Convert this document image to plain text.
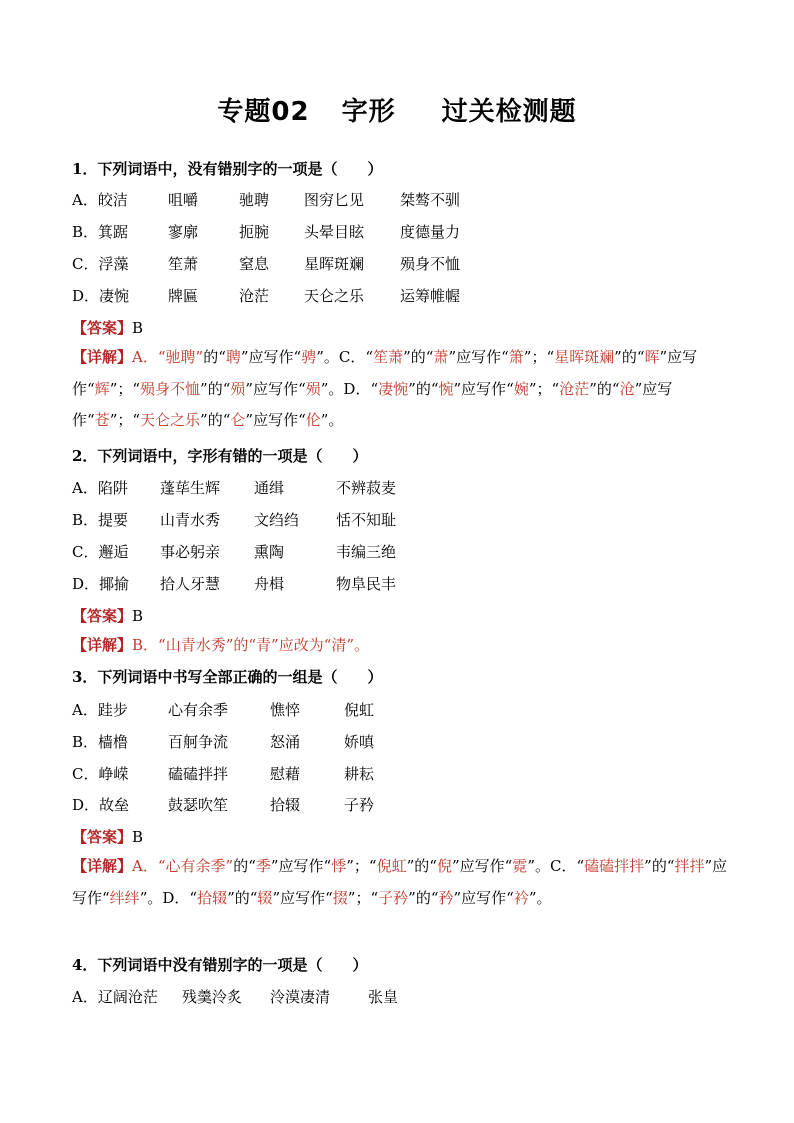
专题02 字形 过关检测题
1．下列词语中，没有错别字的一项是（　　）
A．皎洁	咀嚼	驰聘 图穷匕见 桀骜不驯
B．箕踞	寥廓	扼腕 头晕目眩 度德量力
C．浮藻	笙萧	窒息 星晖斑斓 殒身不恤
D．凄惋	牌匾	沧茫 天仑之乐 运筹帷幄
【答案】B
【详解】A．“驰聘”的“聘”应写作“骋”。C．“笙萧”的“萧”应写作“箫”；“星晖斑斓”的“晖”应写作“辉”；“殒身不恤”的“殒”应写作“殒”。D．“凄惋”的“惋”应写作“婉”；“沧茫”的“沧”应写作“苍”；“天仑之乐”的“仑”应写作“伦”。
2．下列词语中，字形有错的一项是（　　）
A．陷阱 蓬荜生辉 通缉	不辨菽麦
B．提要 山青水秀 文绉绉 恬不知耻
C．邂逅 事必躬亲 熏陶	韦编三绝
D．揶揄 拾人牙慧 舟楫	物阜民丰
【答案】B
【详解】B．“山青水秀”的“青”应改为“清”。
3．下列词语中书写全部正确的一组是（　　）
A．跬步	心有余季	憔悴	倪虹
B．樯橹	百舸争流	怒涌	娇嗔
C．峥嵘	磕磕拌拌	慰藉	耕耘
D．故垒	鼓瑟吹笙	拾辍	子矜
【答案】B
【详解】A．“心有余季”的“季”应写作“悸”；“倪虹”的“倪”应写作“霓”。C．“磕磕拌拌”的“拌拌”应写作“绊绊”。D．“拾辍”的“辍”应写作“掇”；“子矜”的“矜”应写作“衿”。
4．下列词语中没有错别字的一项是（　　）
A．辽阔沧茫 残羹泠炙 泠漠凄清	张皇
